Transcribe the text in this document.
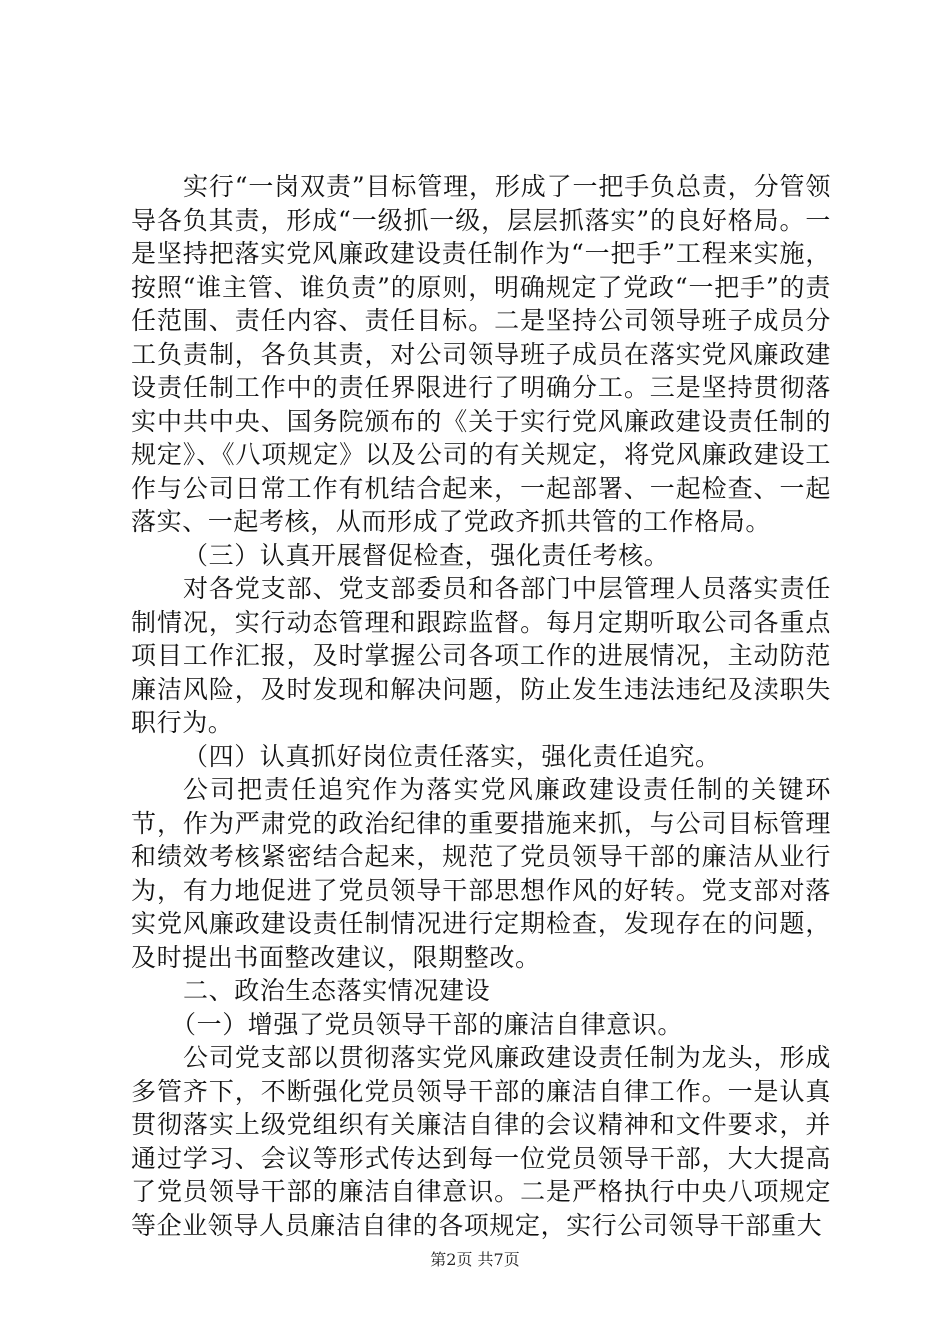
实行“一岗双责”目标管理，形成了一把手负总责，分管领导各负其责，形成“一级抓一级，层层抓落实”的良好格局。一是坚持把落实党风廉政建设责任制作为“一把手”工程来实施，按照“谁主管、谁负责”的原则，明确规定了党政“一把手”的责任范围、责任内容、责任目标。二是坚持公司领导班子成员分工负责制，各负其责，对公司领导班子成员在落实党风廉政建设责任制工作中的责任界限进行了明确分工。三是坚持贯彻落实中共中央、国务院颁布的《关于实行党风廉政建设责任制的规定》、《八项规定》以及公司的有关规定，将党风廉政建设工作与公司日常工作有机结合起来，一起部署、一起检查、一起落实、一起考核，从而形成了党政齐抓共管的工作格局。

（三）认真开展督促检查，强化责任考核。

对各党支部、党支部委员和各部门中层管理人员落实责任制情况，实行动态管理和跟踪监督。每月定期听取公司各重点项目工作汇报，及时掌握公司各项工作的进展情况，主动防范廉洁风险，及时发现和解决问题，防止发生违法违纪及渎职失职行为。

（四）认真抓好岗位责任落实，强化责任追究。

公司把责任追究作为落实党风廉政建设责任制的关键环节，作为严肃党的政治纪律的重要措施来抓，与公司目标管理和绩效考核紧密结合起来，规范了党员领导干部的廉洁从业行为，有力地促进了党员领导干部思想作风的好转。党支部对落实党风廉政建设责任制情况进行定期检查，发现存在的问题，及时提出书面整改建议，限期整改。

二、政治生态落实情况建设

（一）增强了党员领导干部的廉洁自律意识。

公司党支部以贯彻落实党风廉政建设责任制为龙头，形成多管齐下，不断强化党员领导干部的廉洁自律工作。一是认真贯彻落实上级党组织有关廉洁自律的会议精神和文件要求，并通过学习、会议等形式传达到每一位党员领导干部，大大提高了党员领导干部的廉洁自律意识。二是严格执行中央八项规定等企业领导人员廉洁自律的各项规定，实行公司领导干部重大

第2页 共7页
